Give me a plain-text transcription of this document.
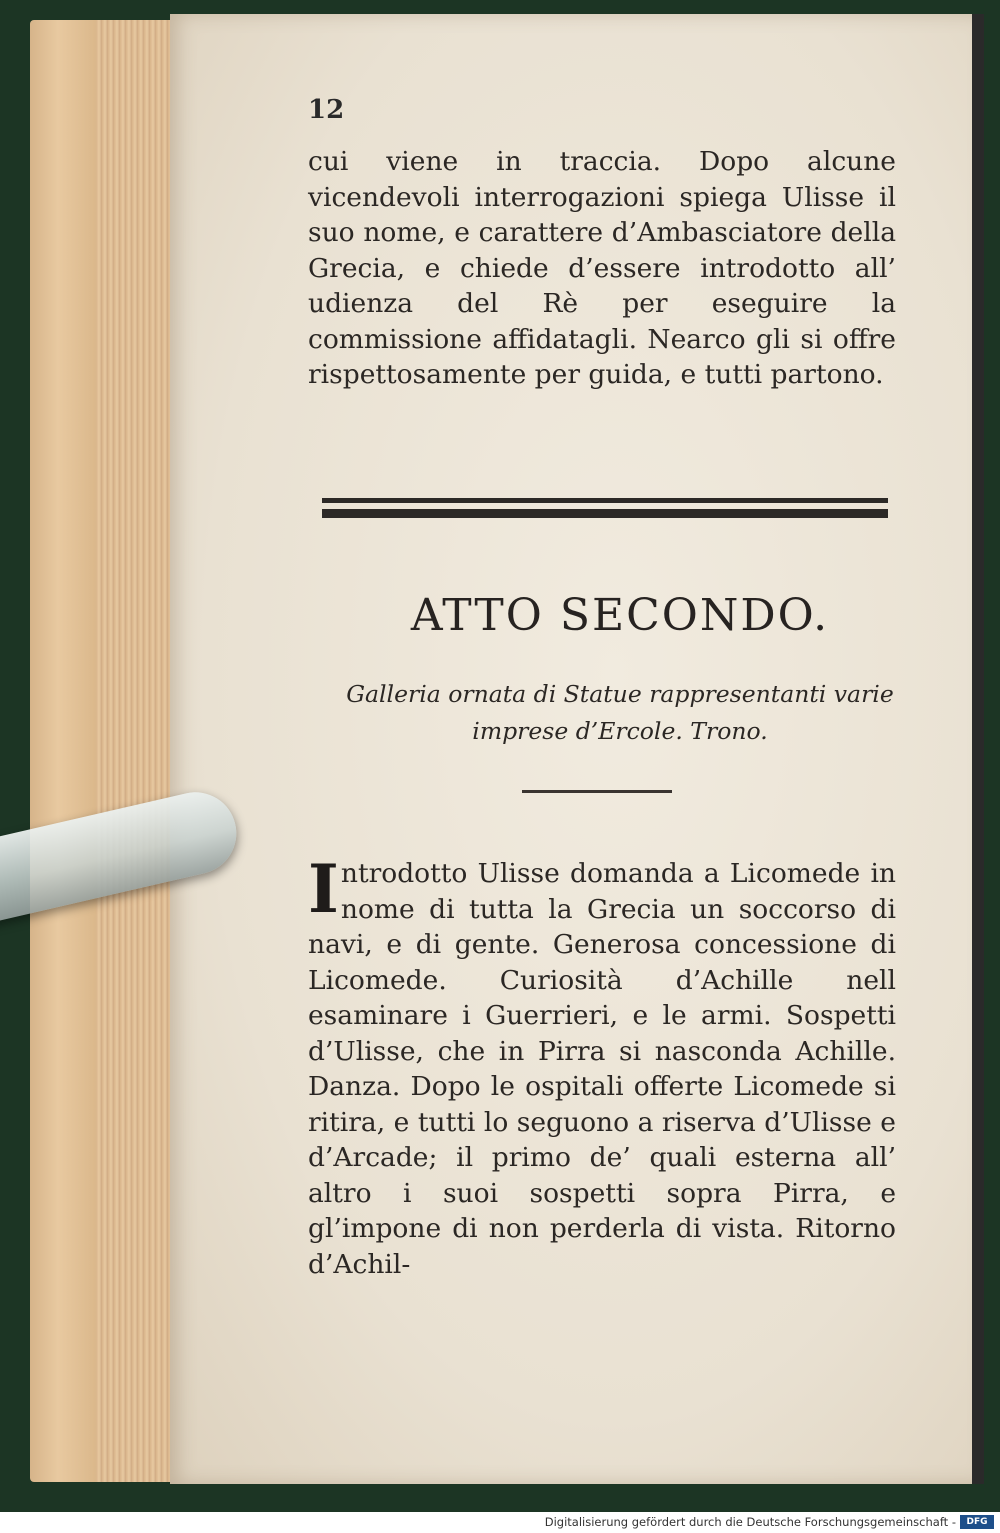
12

cui viene in traccia. Dopo alcune vicendevoli interrogazioni spiega Ulisse il suo nome, e carattere d’Ambasciatore della Grecia, e chiede d’essere introdotto all’ udienza del Rè per eseguire la commissione affidatagli. Nearco gli si offre rispettosamente per guida, e tutti partono.

ATTO SECONDO.
Galleria ornata di Statue rappresentanti varie
imprese d’Ercole. Trono.
I ntrodotto Ulisse domanda a Licomede in nome di tutta la Grecia un soccorso di navi, e di gente. Generosa concessione di Licomede. Curiosità d’Achille nell esaminare i Guerrieri, e le armi. Sospetti d’Ulisse, che in Pirra si nasconda Achille. Danza. Dopo le ospitali offerte Licomede si ritira, e tutti lo seguono a riserva d’Ulisse e d’Arcade; il primo de’ quali esterna all’ altro i suoi sospetti sopra Pirra, e gl’impone di non perderla di vista. Ritorno d’Achil-

Digitalisierung gefördert durch die Deutsche Forschungsgemeinschaft -	DFG
